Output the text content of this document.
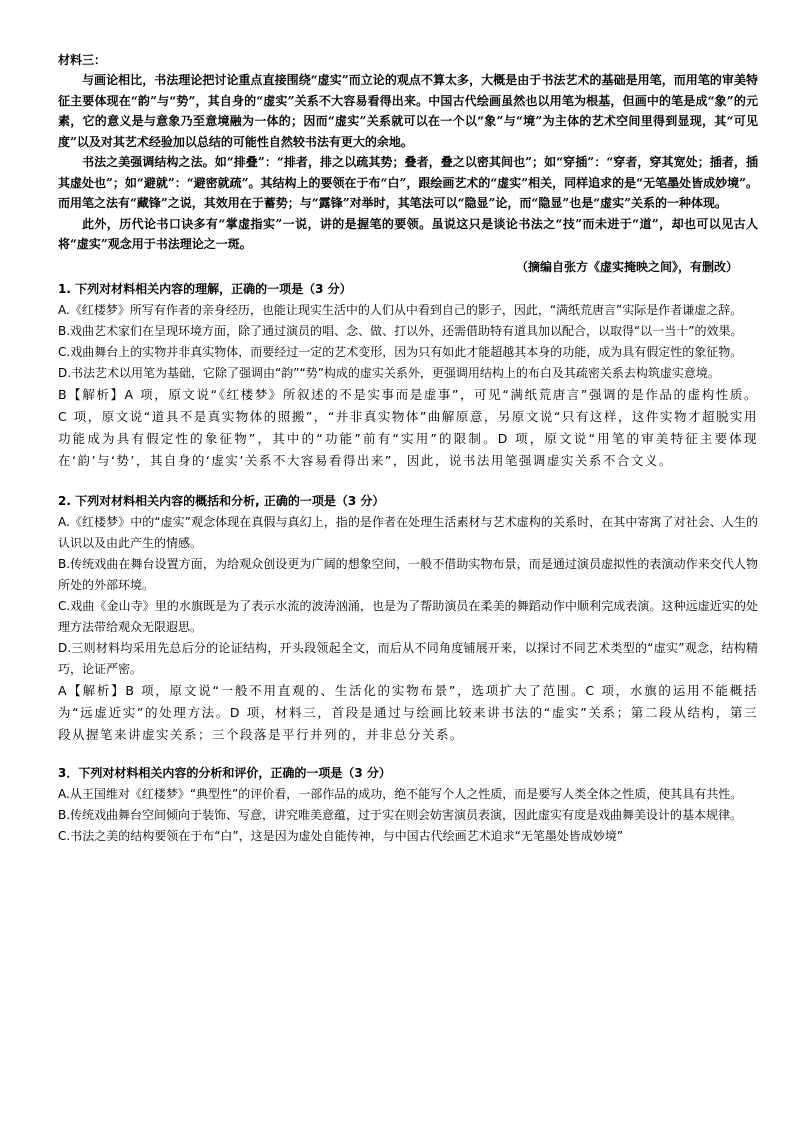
材料三：

与画论相比，书法理论把讨论重点直接围绕“虚实”而立论的观点不算太多，大概是由于书法艺术的基础是用笔，而用笔的审美特征主要体现在“韵”与“势”，其自身的“虚实”关系不大容易看得出来。中国古代绘画虽然也以用笔为根基，但画中的笔是成“象”的元素，它的意义是与意象乃至意境融为一体的；因而“虚实”关系就可以在一个以“象”与“境”为主体的艺术空间里得到显现，其“可见度”以及对其艺术经验加以总结的可能性自然较书法有更大的余地。

书法之美强调结构之法。如“排叠”：“排者，排之以疏其势；叠者，叠之以密其间也”；如“穿插”：“穿者，穿其宽处；插者，插其虚处也”；如“避就”：“避密就疏”。其结构上的要领在于布“白”，跟绘画艺术的“虚实”相关，同样追求的是“无笔墨处皆成妙境”。而用笔之法有“藏锋”之说，其效用在于蓄势；与“露锋”对举时，其笔法可以“隐显”论，而“隐显”也是“虚实”关系的一种体现。

此外，历代论书口诀多有“掌虚指实”一说，讲的是握笔的要领。虽说这只是谈论书法之“技”而未进于“道”，却也可以见古人将“虚实”观念用于书法理论之一斑。

（摘编自张方《虚实掩映之间》，有删改）

1. 下列对材料相关内容的理解，正确的一项是（3 分）

A.《红楼梦》所写有作者的亲身经历，也能让现实生活中的人们从中看到自己的影子，因此，“满纸荒唐言”实际是作者谦虚之辞。

B.戏曲艺术家们在呈现环境方面，除了通过演员的唱、念、做、打以外，还需借助特有道具加以配合，以取得“以一当十”的效果。

C.戏曲舞台上的实物并非真实物体，而要经过一定的艺术变形，因为只有如此才能超越其本身的功能，成为具有假定性的象征物。

D.书法艺术以用笔为基础，它除了强调由“韵”“势”构成的虚实关系外，更强调用结构上的布白及其疏密关系去构筑虚实意境。

B【解析】A 项，原文说“《红楼梦》所叙述的不是实事而是虚事”，可见“满纸荒唐言”强调的是作品的虚构性质。C 项，原文说“道具不是真实物体的照搬”，“并非真实物体”曲解原意，另原文说“只有这样，这件实物才超脱实用功能成为具有假定性的象征物”，其中的“功能”前有“实用”的限制。D 项，原文说“用笔的审美特征主要体现在‘韵’与‘势’，其自身的‘虚实’关系不大容易看得出来”，因此，说书法用笔强调虚实关系不合文义。

2. 下列对材料相关内容的概括和分析, 正确的一项是（3 分）

A.《红楼梦》中的“虚实”观念体现在真假与真幻上，指的是作者在处理生活素材与艺术虚构的关系时，在其中寄寓了对社会、人生的认识以及由此产生的情感。

B.传统戏曲在舞台设置方面，为给观众创设更为广阔的想象空间，一般不借助实物布景，而是通过演员虚拟性的表演动作来交代人物所处的外部环境。

C.戏曲《金山寺》里的水旗既是为了表示水流的波涛汹涌，也是为了帮助演员在柔美的舞蹈动作中顺利完成表演。这种远虚近实的处理方法带给观众无限遐思。

D.三则材料均采用先总后分的论证结构，开头段领起全文，而后从不同角度铺展开来，以探讨不同艺术类型的“虚实”观念，结构精巧，论证严密。

A【解析】B 项，原文说“一般不用直观的、生活化的实物布景”，选项扩大了范围。C 项，水旗的运用不能概括为“远虚近实”的处理方法。D 项，材料三，首段是通过与绘画比较来讲书法的“虚实”关系；第二段从结构，第三段从握笔来讲虚实关系；三个段落是平行并列的，并非总分关系。

3．下列对材料相关内容的分析和评价，正确的一项是（3 分）

A.从王国维对《红楼梦》“典型性”的评价看，一部作品的成功，绝不能写个人之性质，而是要写人类全体之性质，使其具有共性。

B.传统戏曲舞台空间倾向于装饰、写意，讲究唯美意蕴，过于实在则会妨害演员表演，因此虚实有度是戏曲舞美设计的基本规律。

C.书法之美的结构要领在于布“白”，这是因为虚处自能传神，与中国古代绘画艺术追求“无笔墨处皆成妙境”
